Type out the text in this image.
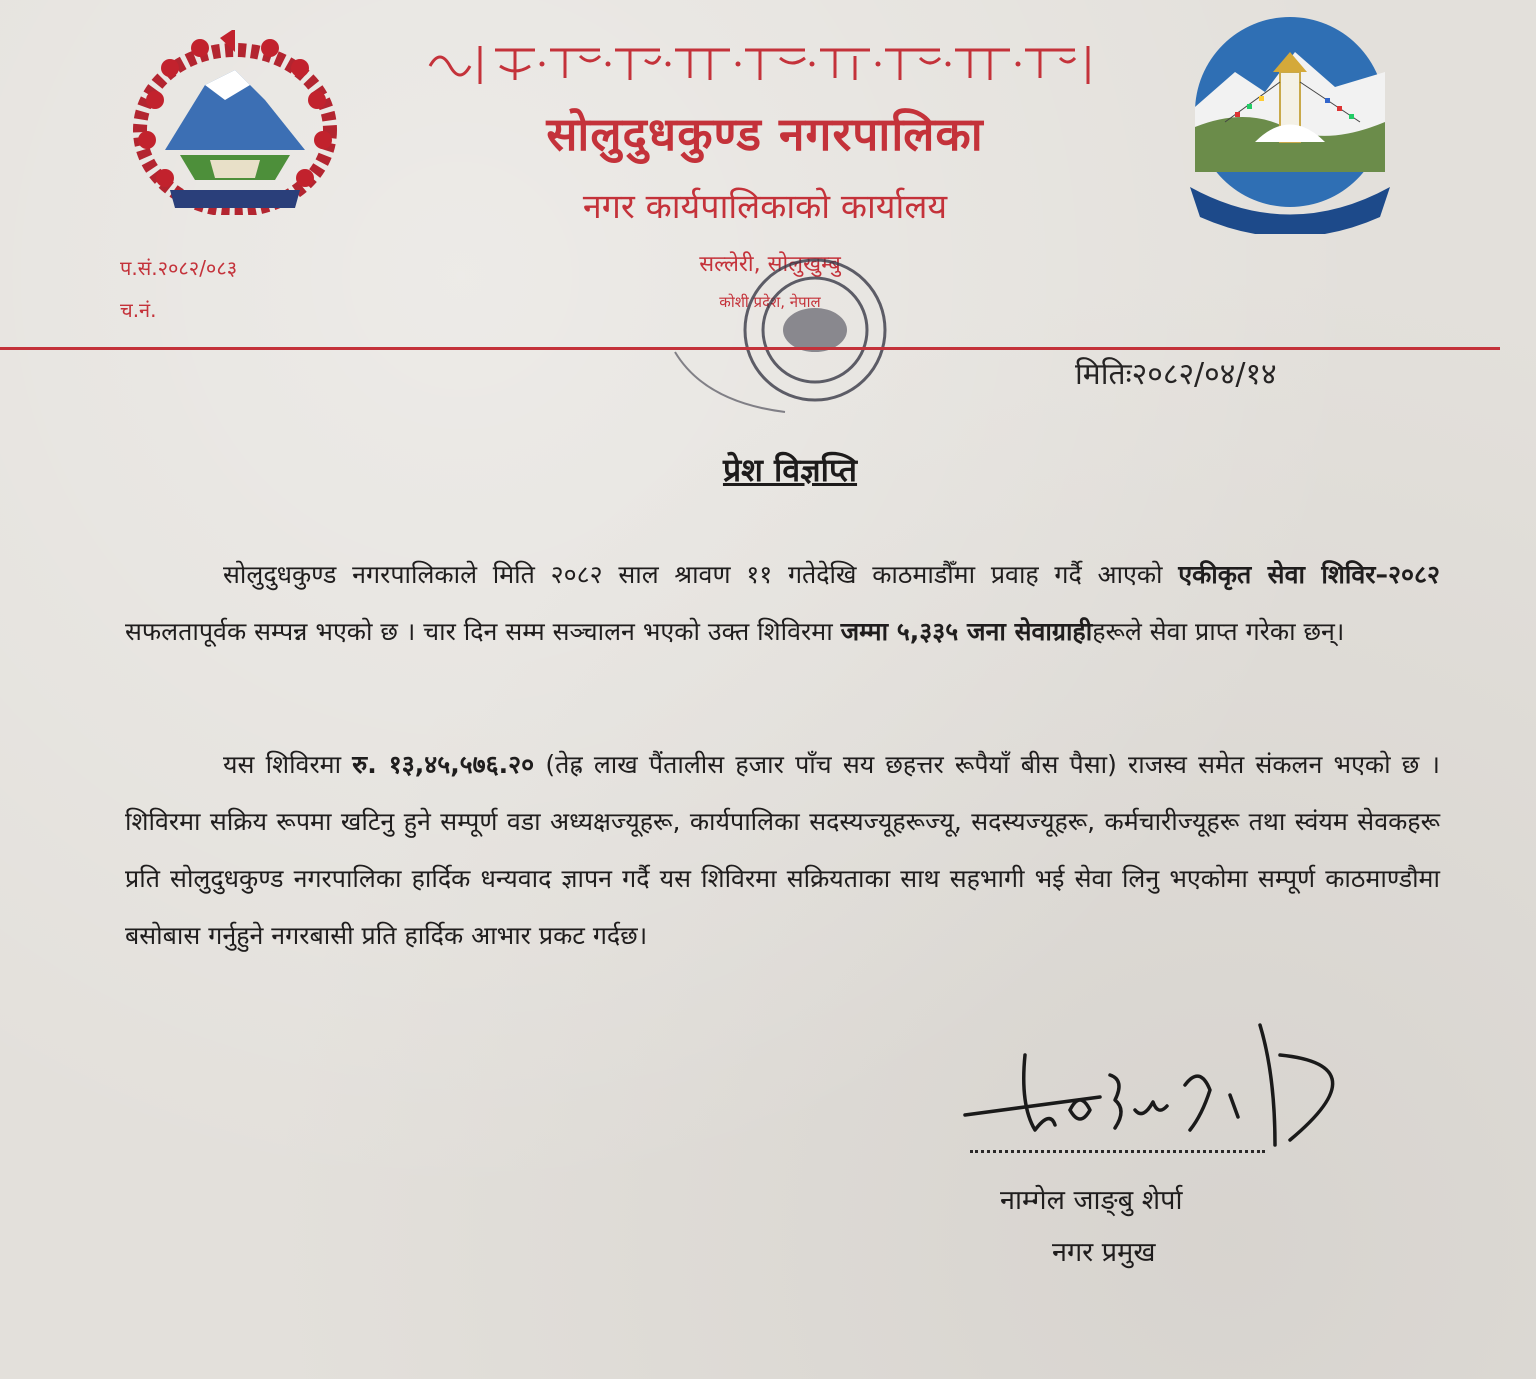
सोलुदुधकुण्ड नगरपालिका
नगर कार्यपालिकाको कार्यालय
सल्लेरी, सोलुखुम्बु
कोशी प्रदेश, नेपाल
प.सं.२०८२/०८३
च.नं.
मितिः२०८२/०४/१४
प्रेश विज्ञप्ति
सोलुदुधकुण्ड नगरपालिकाले मिति २०८२ साल श्रावण ११ गतेदेखि काठमाडौँमा प्रवाह गर्दै आएको एकीकृत सेवा शिविर–२०८२ सफलतापूर्वक सम्पन्न भएको छ । चार दिन सम्म सञ्चालन भएको उक्त शिविरमा जम्मा ५,३३५ जना सेवाग्राहीहरूले सेवा प्राप्त गरेका छन्।
यस शिविरमा रु. १३,४५,५७६.२० (तेह्र लाख पैंतालीस हजार पाँच सय छहत्तर रूपैयाँ बीस पैसा) राजस्व समेत संकलन भएको छ । शिविरमा सक्रिय रूपमा खटिनु हुने सम्पूर्ण वडा अध्यक्षज्यूहरू, कार्यपालिका सदस्यज्यूहरूज्यू, सदस्यज्यूहरू, कर्मचारीज्यूहरू तथा स्वंयम सेवकहरू प्रति सोलुदुधकुण्ड नगरपालिका हार्दिक धन्यवाद ज्ञापन गर्दै यस शिविरमा सक्रियताका साथ सहभागी भई सेवा लिनु भएकोमा सम्पूर्ण काठमाण्डौमा बसोबास गर्नुहुने नगरबासी प्रति हार्दिक आभार प्रकट गर्दछ।
नाम्गेल जाङ्बु शेर्पा
नगर प्रमुख
